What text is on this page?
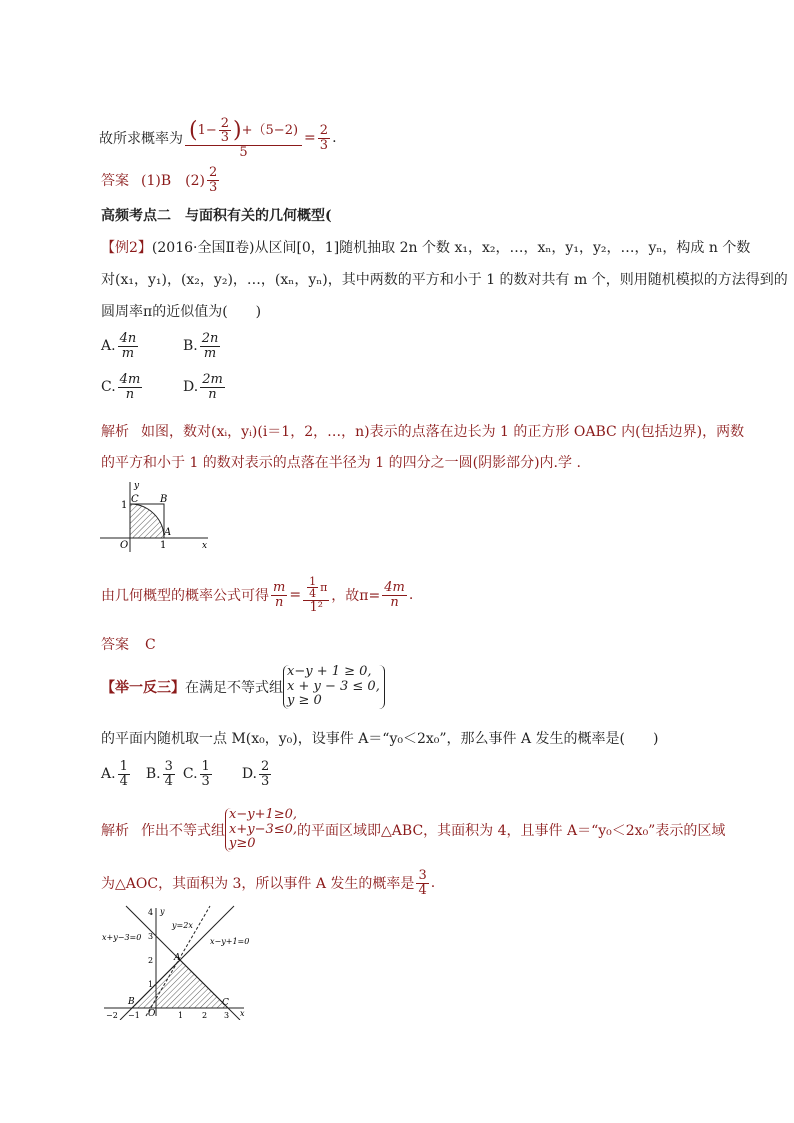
故所求概率为 $\frac{( 1- \frac{2}{3} ) +(5-2)}{5} = \frac{2}{3}$ .
答案 (1)B　$(2) \frac{2}{3}$
高频考点二　与面积有关的几何概型(
【例2】(2016·全国Ⅱ卷)从区间[0，1]随机抽取 2n 个数 x₁，x₂，…，xₙ，y₁，y₂，…，yₙ，构成 n 个数
对(x₁，y₁)，(x₂，y₂)，…，(xₙ，yₙ)，其中两数的平方和小于 1 的数对共有 m 个，则用随机模拟的方法得到的
圆周率π的近似值为(　　)
A. $\frac{4n}{m}$	B. $\frac{2n}{m}$
C. $\frac{4m}{n}$	D. $\frac{2m}{n}$
解析 如图，数对(xᵢ，yᵢ)(i＝1，2，…，n)表示的点落在边长为 1 的正方形 OABC 内(包括边界)，两数
的平方和小于 1 的数对表示的点落在半径为 1 的四分之一圆(阴影部分)内.学 .
y
x
C B
A
O
1
1
由几何概型的概率公式可得 $\frac{m}{n} = \frac{\frac{1}{4} \pi}{\text{1²}}$ ，故$\pi= \frac{4m}{n}$ .
答案 C
【举一反三】 在满足不等式组
x−y + 1 ≥ 0,
x + y − 3 ≤ 0,
y ≥ 0
的平面内随机取一点 M(x₀，y₀)，设事件 A＝“y₀＜2x₀”，那么事件 A 发生的概率是(　　)
A. $\frac{1}{4} B$. $\frac{3}{4} C$. $\frac{1}{3} D$. $\frac{2}{3}$
解析 作出不等式组
x−y+1≥0,
x+y−3≤0,
y≥0
的平面区域即△ABC，其面积为 4，且事件 A＝“y₀＜2x₀”表示的区域
为△AOC，其面积为 3，所以事件 A 发生的概率是 $\frac{3}{4}$ .
y
x
x+y−3=0
y=2x
x−y+1=0
A
B	C
O
4
3
2
1
−2 −1	1 2 3
